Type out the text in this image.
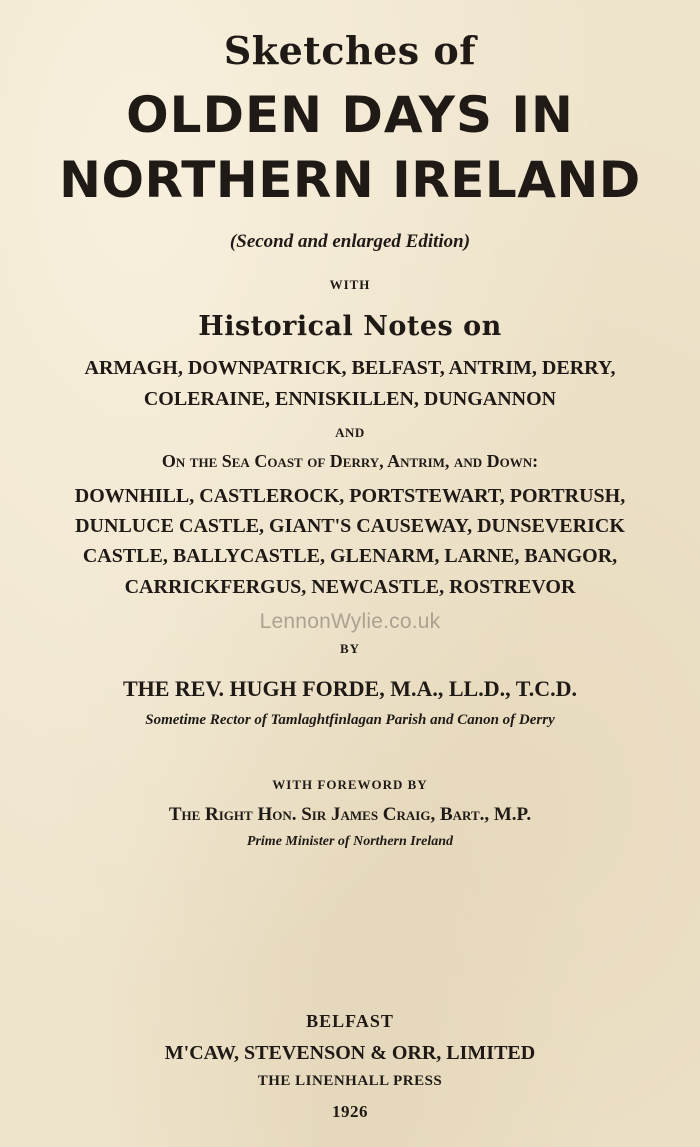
Sketches of
OLDEN DAYS IN
NORTHERN IRELAND
(Second and enlarged Edition)
WITH
Historical Notes on
ARMAGH, DOWNPATRICK, BELFAST, ANTRIM, DERRY,
COLERAINE, ENNISKILLEN, DUNGANNON
AND
On the Sea Coast of Derry, Antrim, and Down:
DOWNHILL, CASTLEROCK, PORTSTEWART, PORTRUSH,
DUNLUCE CASTLE, GIANT'S CAUSEWAY, DUNSEVERICK
CASTLE, BALLYCASTLE, GLENARM, LARNE, BANGOR,
CARRICKFERGUS, NEWCASTLE, ROSTREVOR
LennonWylie.co.uk
BY
THE REV. HUGH FORDE, M.A., LL.D., T.C.D.
Sometime Rector of Tamlaghtfinlagan Parish and Canon of Derry
WITH FOREWORD BY
The Right Hon. Sir James Craig, Bart., M.P.
Prime Minister of Northern Ireland
BELFAST
M'CAW, STEVENSON & ORR, LIMITED
THE LINENHALL PRESS
1926
